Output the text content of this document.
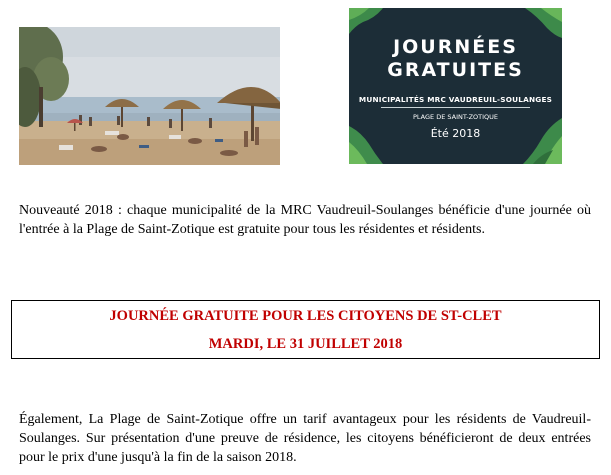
JOURNÉES
GRATUITES
MUNICIPALITÉS MRC VAUDREUIL-SOULANGES
PLAGE DE SAINT-ZOTIQUE
Été 2018

Nouveauté 2018 : chaque municipalité de la MRC Vaudreuil-Soulanges bénéficie d'une journée où l'entrée à la Plage de Saint-Zotique est gratuite pour tous les résidentes et résidents.

JOURNÉE GRATUITE POUR LES CITOYENS DE ST-CLET
MARDI, LE 31 JUILLET 2018

Également, La Plage de Saint-Zotique offre un tarif avantageux pour les résidents de Vaudreuil-Soulanges. Sur présentation d'une preuve de résidence, les citoyens bénéficieront de deux entrées pour le prix d'une jusqu'à la fin de la saison 2018.
